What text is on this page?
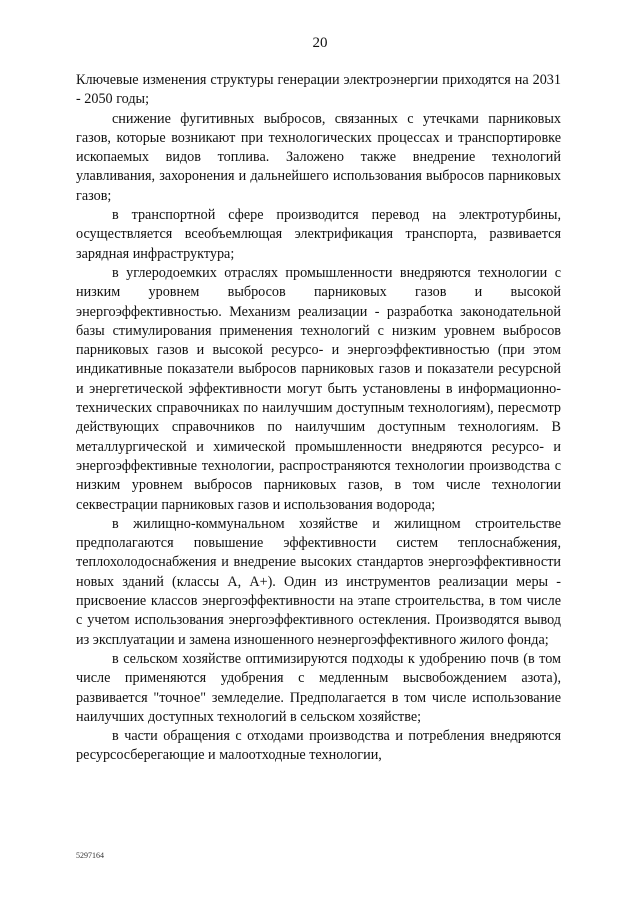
20

Ключевые изменения структуры генерации электроэнергии приходятся на 2031 - 2050 годы;

снижение фугитивных выбросов, связанных с утечками парниковых газов, которые возникают при технологических процессах и транспортировке ископаемых видов топлива. Заложено также внедрение технологий улавливания, захоронения и дальнейшего использования выбросов парниковых газов;

в транспортной сфере производится перевод на электротурбины, осуществляется всеобъемлющая электрификация транспорта, развивается зарядная инфраструктура;

в углеродоемких отраслях промышленности внедряются технологии с низким уровнем выбросов парниковых газов и высокой энергоэффективностью. Механизм реализации - разработка законодательной базы стимулирования применения технологий с низким уровнем выбросов парниковых газов и высокой ресурсо- и энергоэффективностью (при этом индикативные показатели выбросов парниковых газов и показатели ресурсной и энергетической эффективности могут быть установлены в информационно-технических справочниках по наилучшим доступным технологиям), пересмотр действующих справочников по наилучшим доступным технологиям. В металлургической и химической промышленности внедряются ресурсо- и энергоэффективные технологии, распространяются технологии производства с низким уровнем выбросов парниковых газов, в том числе технологии секвестрации парниковых газов и использования водорода;

в жилищно-коммунальном хозяйстве и жилищном строительстве предполагаются повышение эффективности систем теплоснабжения, теплохолодоснабжения и внедрение высоких стандартов энергоэффективности новых зданий (классы А, А+). Один из инструментов реализации меры - присвоение классов энергоэффективности на этапе строительства, в том числе с учетом использования энергоэффективного остекления. Производятся вывод из эксплуатации и замена изношенного неэнергоэффективного жилого фонда;

в сельском хозяйстве оптимизируются подходы к удобрению почв (в том числе применяются удобрения с медленным высвобождением азота), развивается "точное" земледелие. Предполагается в том числе использование наилучших доступных технологий в сельском хозяйстве;

в части обращения с отходами производства и потребления внедряются ресурсосберегающие и малоотходные технологии,

5297164
